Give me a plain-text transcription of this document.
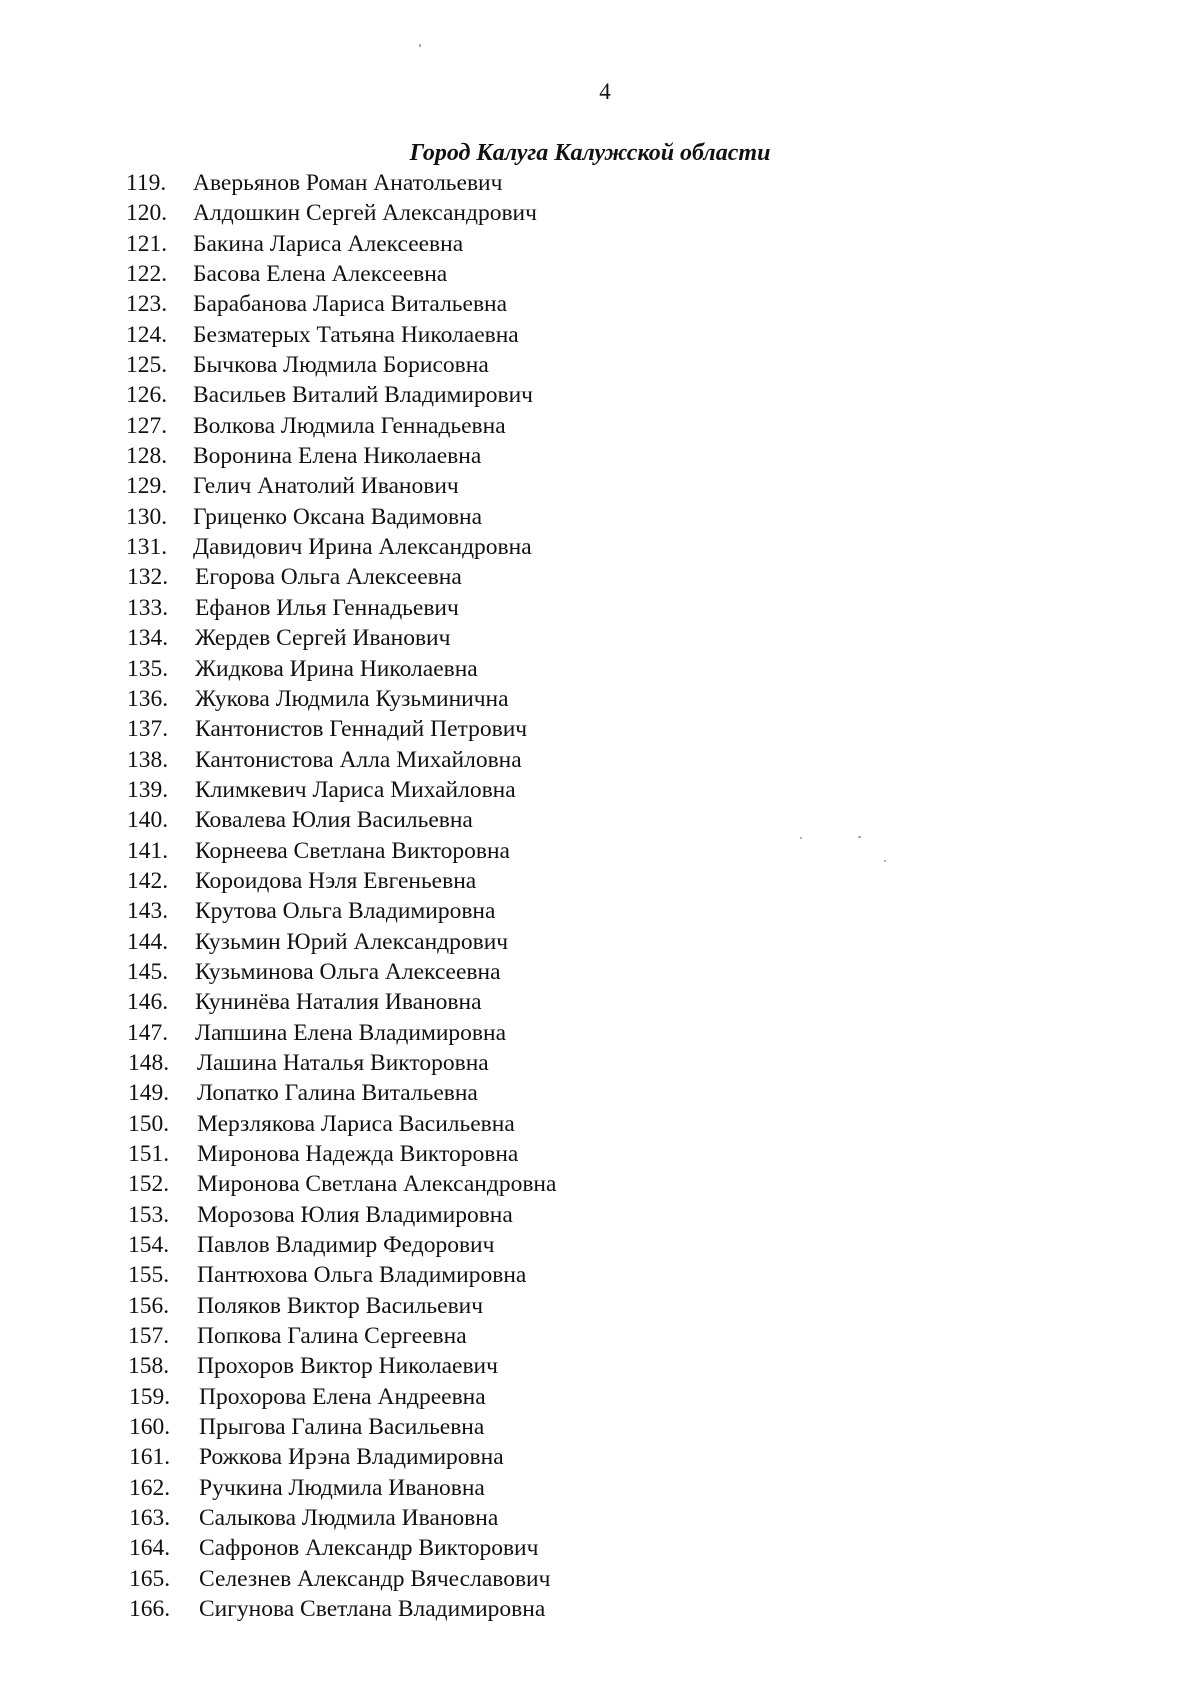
4
Город Калуга Калужской области
119.	Аверьянов Роман Анатольевич
120.	Алдошкин Сергей Александрович
121.	Бакина Лариса Алексеевна
122.	Басова Елена Алексеевна
123.	Барабанова Лариса Витальевна
124.	Безматерых Татьяна Николаевна
125.	Бычкова Людмила Борисовна
126.	Васильев Виталий Владимирович
127.	Волкова Людмила Геннадьевна
128.	Воронина Елена Николаевна
129.	Гелич Анатолий Иванович
130.	Гриценко Оксана Вадимовна
131.	Давидович Ирина Александровна
132.	Егорова Ольга Алексеевна
133.	Ефанов Илья Геннадьевич
134.	Жердев Сергей Иванович
135.	Жидкова Ирина Николаевна
136.	Жукова Людмила Кузьминична
137.	Кантонистов Геннадий Петрович
138.	Кантонистова Алла Михайловна
139.	Климкевич Лариса Михайловна
140.	Ковалева Юлия Васильевна
141.	Корнеева Светлана Викторовна
142.	Короидова Нэля Евгеньевна
143.	Крутова Ольга Владимировна
144.	Кузьмин Юрий Александрович
145.	Кузьминова Ольга Алексеевна
146.	Кунинёва Наталия Ивановна
147.	Лапшина Елена Владимировна
148.	Лашина Наталья Викторовна
149.	Лопатко Галина Витальевна
150.	Мерзлякова Лариса Васильевна
151.	Миронова Надежда Викторовна
152.	Миронова Светлана Александровна
153.	Морозова Юлия Владимировна
154.	Павлов Владимир Федорович
155.	Пантюхова Ольга Владимировна
156.	Поляков Виктор Васильевич
157.	Попкова Галина Сергеевна
158.	Прохоров Виктор Николаевич
159.	Прохорова Елена Андреевна
160.	Прыгова Галина Васильевна
161.	Рожкова Ирэна Владимировна
162.	Ручкина Людмила Ивановна
163.	Салыкова Людмила Ивановна
164.	Сафронов Александр Викторович
165.	Селезнев Александр Вячеславович
166.	Сигунова Светлана Владимировна
